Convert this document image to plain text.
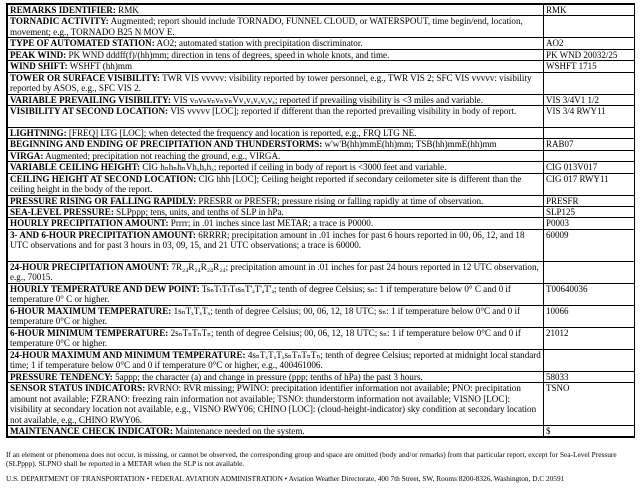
REMARKS IDENTIFIER: RMK	RMK
TORNADIC ACTIVITY: Augmented; report should include TORNADO, FUNNEL CLOUD, or WATERSPOUT, time begin/end, location, movement; e.g., TORNADO B25 N MOV E.	
TYPE OF AUTOMATED STATION: AO2; automated station with precipitation discriminator.	AO2
PEAK WIND: PK WND dddff(f)/(hh)mm; direction in tens of degrees, speed in whole knots, and time.	PK WND 20032/25
WIND SHIFT: WSHFT (hh)mm	WSHFT 1715
TOWER OR SURFACE VISIBILITY: TWR VIS vvvvv: visibility reported by tower personnel, e.g., TWR VIS 2; SFC VIS vvvvv: visibility reported by ASOS, e.g., SFC VIS 2.	
VARIABLE PREVAILING VISIBILITY: VIS vₙvₙvₙvₙvₙVvₓvₓvₓvₓvₓ; reported if prevailing visibility is <3 miles and variable.	VIS 3/4V1 1/2
VISIBILITY AT SECOND LOCATION: VIS vvvvv [LOC]; reported if different than the reported prevailing visibility in body of report.	VIS 3/4 RWY11
LIGHTNING: [FREQ] LTG [LOC]; when detected the frequency and location is reported, e.g., FRQ LTG NE.	
BEGINNING AND ENDING OF PRECIPITATION AND THUNDERSTORMS: w'w'B(hh)mmE(hh)mm; TSB(hh)mmE(hh)mm	RAB07
VIRGA: Augmented; precipitation not reaching the ground, e.g., VIRGA.	
VARIABLE CEILING HEIGHT: CIG hₙhₙhₙVhₓhₓhₓ; reported if ceiling in body of report is <3000 feet and variable.	CIG 013V017
CEILING HEIGHT AT SECOND LOCATION: CIG hhh [LOC]; Ceiling height reported if secondary ceilometer site is different than the ceiling height in the body of the report.	CIG 017 RWY11
PRESSURE RISING OR FALLING RAPIDLY: PRESRR or PRESFR; pressure rising or falling rapidly at time of observation.	PRESFR
SEA-LEVEL PRESSURE: SLPppp; tens, units, and tenths of SLP in hPa.	SLP125
HOURLY PRECIPITATION AMOUNT: Prrrr; in .01 inches since last METAR; a trace is P0000.	P0003
3- AND 6-HOUR PRECIPITATION AMOUNT: 6RRRR; precipitation amount in .01 inches for past 6 hours reported in 00, 06, 12, and 18 UTC observations and for past 3 hours in 03, 09, 15, and 21 UTC observations; a trace is 60000.	60009
24-HOUR PRECIPITATION AMOUNT: 7R₂₄R₂₄R₂₄R₂₄; precipitation amount in .01 inches for past 24 hours reported in 12 UTC observation, e.g., 70015.	
HOURLY TEMPERATURE AND DEW POINT: TsₙTₜTₜTₜsₙT'ₐT'ₐT'ₐ; tenth of degree Celsius; sₙ: 1 if temperature below 0° C and 0 if temperature 0° C or higher.	T00640036
6-HOUR MAXIMUM TEMPERATURE: 1sₙTₓTₓTₓ; tenth of degree Celsius; 00, 06, 12, 18 UTC; sₙ: 1 if temperature below 0°C and 0 if temperature 0°C or higher.	10066
6-HOUR MINIMUM TEMPERATURE: 2sₙTₙTₙTₙ; tenth of degree Celsius; 00, 06, 12, 18 UTC; sₙ: 1 if temperature below 0°C and 0 if temperature 0°C or higher.	21012
24-HOUR MAXIMUM AND MINIMUM TEMPERATURE: 4sₙTₓTₓTₓsₙTₙTₙTₙ; tenth of degree Celsius; reported at midnight local standard time; 1 if temperature below 0°C and 0 if temperature 0°C or higher, e.g., 400461006.	
PRESSURE TENDENCY: 5appp; the character (a) and change in pressure (ppp; tenths of hPa) the past 3 hours.	58033
SENSOR STATUS INDICATORS: RVRNO: RVR missing; PWINO: precipitation identifier information not available; PNO: precipitation amount not available; FZRANO: freezing rain information not available; TSNO: thunderstorm information not available; VISNO [LOC]: visibility at secondary location not available, e.g., VISNO RWY06; CHINO [LOC]: (cloud-height-indicator) sky condition at secondary location not available, e.g., CHINO RWY06.	TSNO
MAINTENANCE CHECK INDICATOR: Maintenance needed on the system.	$
If an element or phenomena does not occur, is missing, or cannot be observed, the corresponding group and space are omitted (body and/or remarks) from that particular report, except for Sea-Level Pressure (SLPppp). SLPNO shall be reported in a METAR when the SLP is not available.
U.S. DEPARTMENT OF TRANSPORTATION • FEDERAL AVIATION ADMINISTRATION • Aviation Weather Directorate, 400 7th Street, SW, Rooms 8200-8326, Washington, D.C 20591
